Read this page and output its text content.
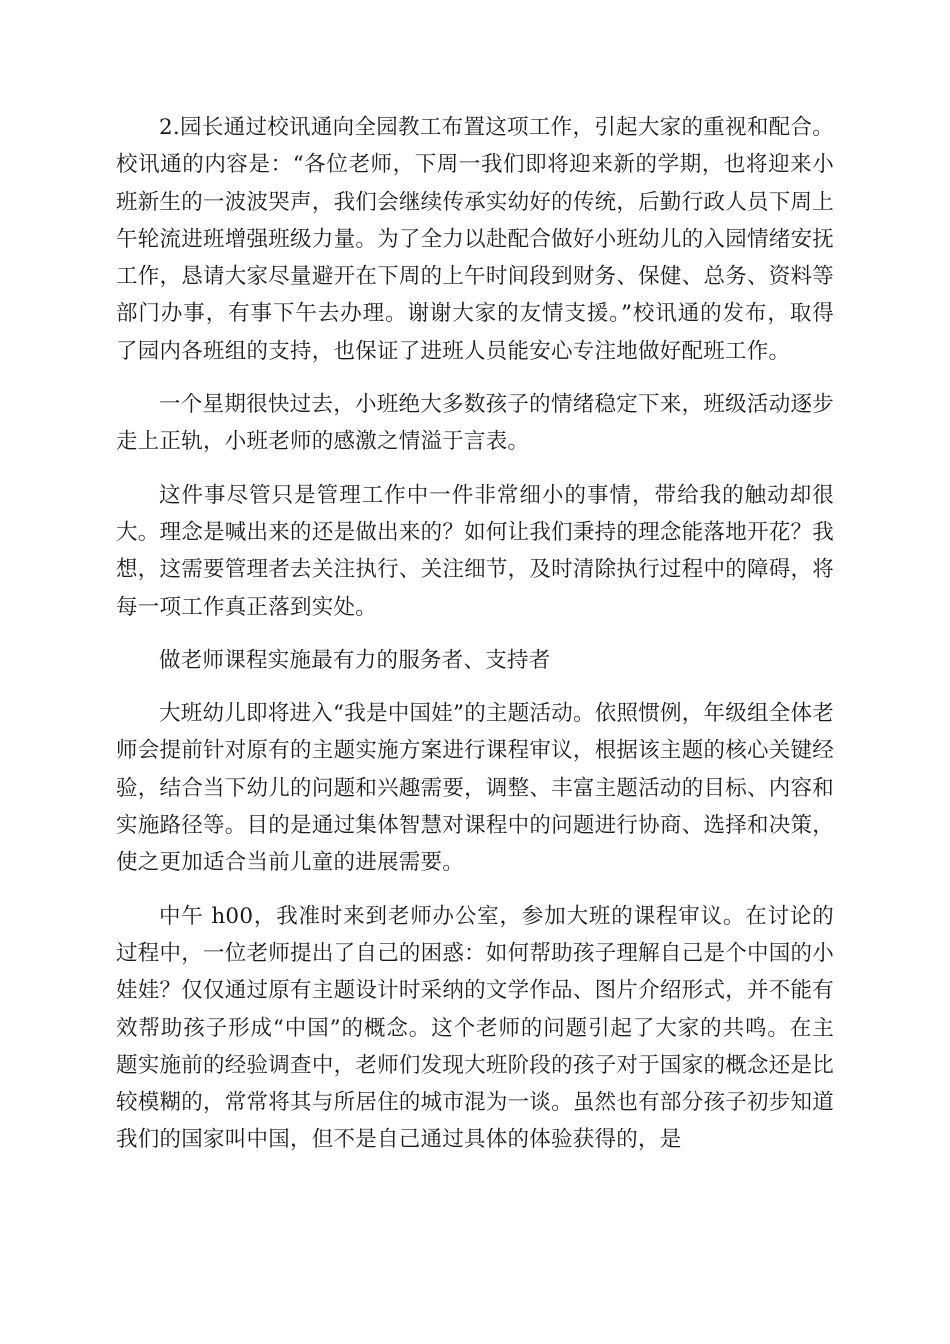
2.园长通过校讯通向全园教工布置这项工作，引起大家的重视和配合。校讯通的内容是：“各位老师，下周一我们即将迎来新的学期，也将迎来小班新生的一波波哭声，我们会继续传承实幼好的传统，后勤行政人员下周上午轮流进班增强班级力量。为了全力以赴配合做好小班幼儿的入园情绪安抚工作，恳请大家尽量避开在下周的上午时间段到财务、保健、总务、资料等部门办事，有事下午去办理。谢谢大家的友情支援。”校讯通的发布，取得了园内各班组的支持，也保证了进班人员能安心专注地做好配班工作。

一个星期很快过去，小班绝大多数孩子的情绪稳定下来，班级活动逐步走上正轨，小班老师的感激之情溢于言表。

这件事尽管只是管理工作中一件非常细小的事情，带给我的触动却很大。理念是喊出来的还是做出来的？如何让我们秉持的理念能落地开花？我想，这需要管理者去关注执行、关注细节，及时清除执行过程中的障碍，将每一项工作真正落到实处。

做老师课程实施最有力的服务者、支持者

大班幼儿即将进入“我是中国娃”的主题活动。依照惯例，年级组全体老师会提前针对原有的主题实施方案进行课程审议，根据该主题的核心关键经验，结合当下幼儿的问题和兴趣需要，调整、丰富主题活动的目标、内容和实施路径等。目的是通过集体智慧对课程中的问题进行协商、选择和决策，使之更加适合当前儿童的进展需要。

中午 h00，我准时来到老师办公室，参加大班的课程审议。在讨论的过程中，一位老师提出了自己的困惑：如何帮助孩子理解自己是个中国的小娃娃？仅仅通过原有主题设计时采纳的文学作品、图片介绍形式，并不能有效帮助孩子形成“中国”的概念。这个老师的问题引起了大家的共鸣。在主题实施前的经验调查中，老师们发现大班阶段的孩子对于国家的概念还是比较模糊的，常常将其与所居住的城市混为一谈。虽然也有部分孩子初步知道我们的国家叫中国，但不是自己通过具体的体验获得的，是
